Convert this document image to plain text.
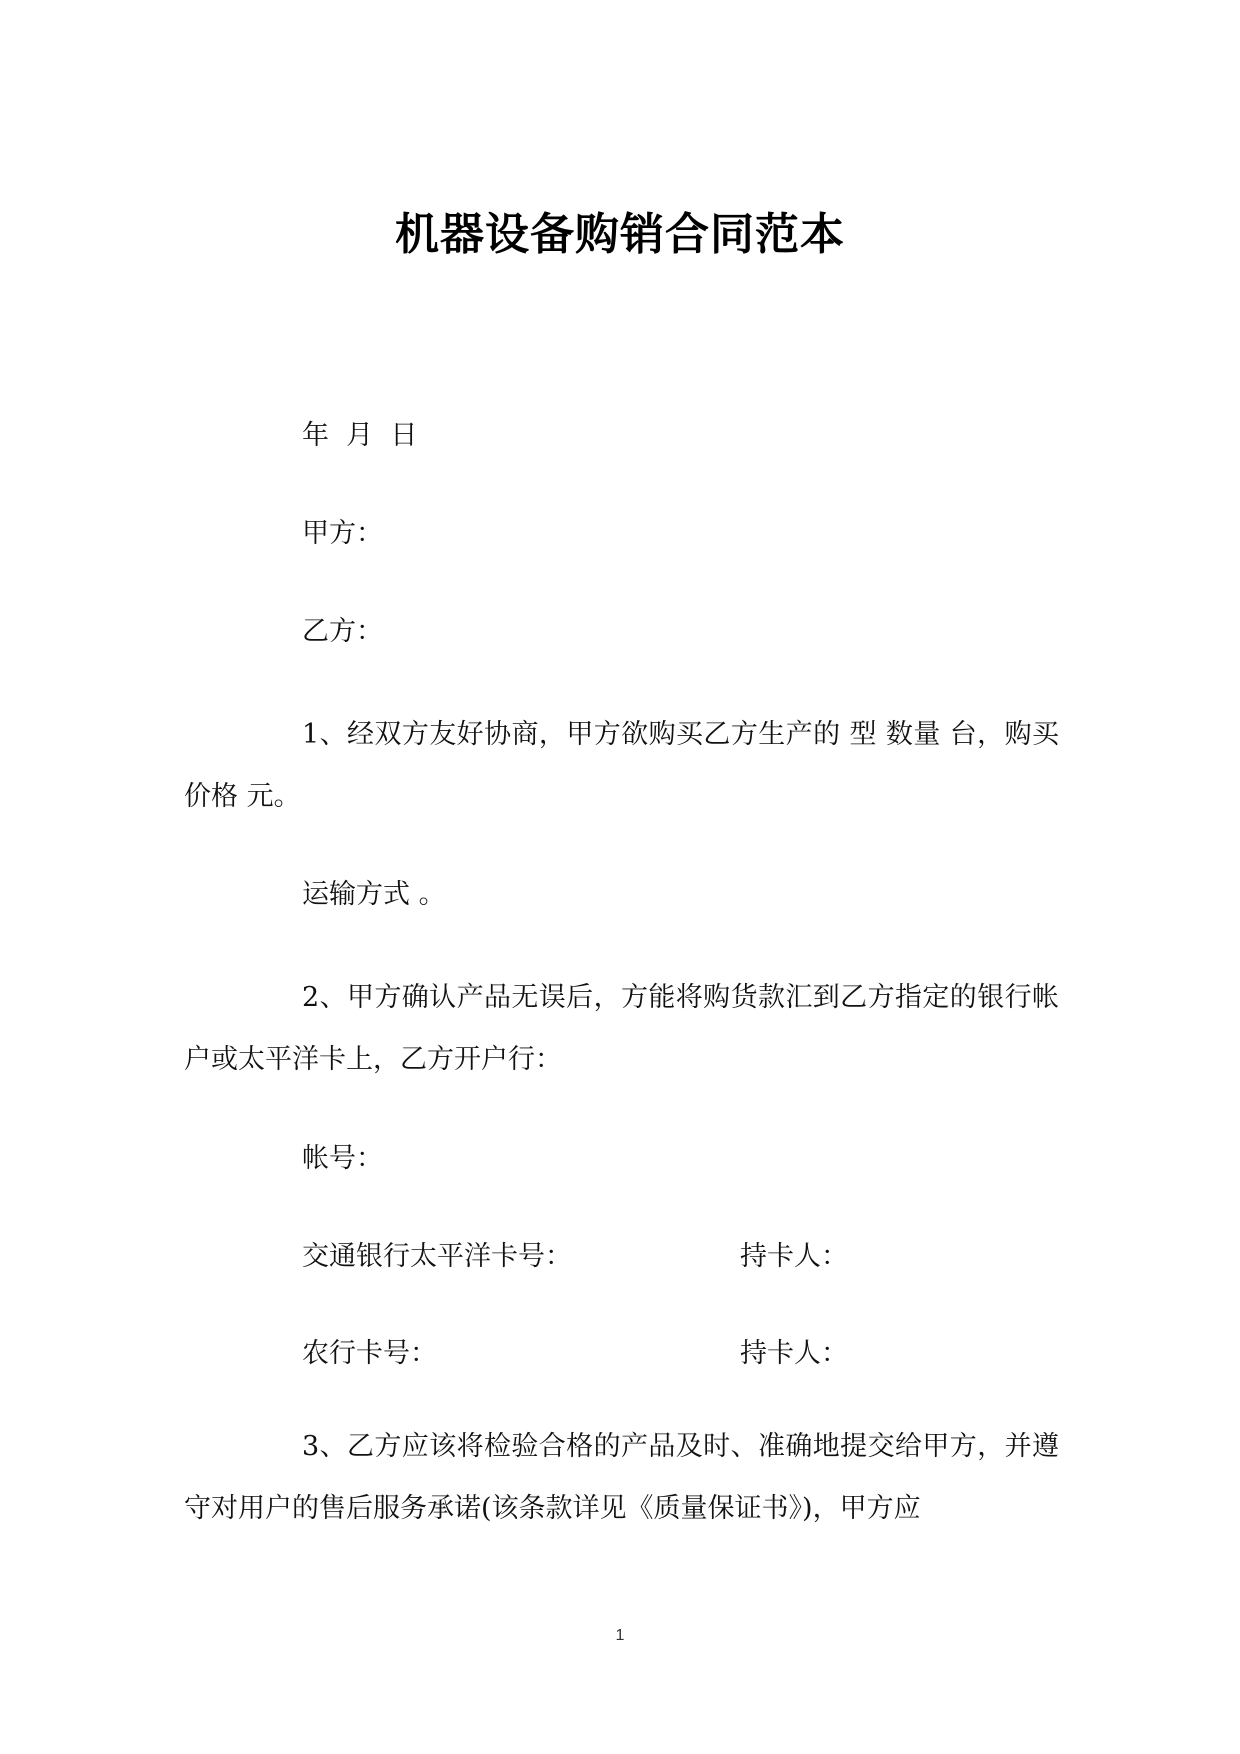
机器设备购销合同范本
年  月  日
甲方：
乙方：
1、经双方友好协商，甲方欲购买乙方生产的 型 数量 台，购买价格 元。
运输方式 。
2、甲方确认产品无误后，方能将购货款汇到乙方指定的银行帐户或太平洋卡上，乙方开户行：
帐号：
交通银行太平洋卡号：	持卡人：
农行卡号：	持卡人：
3、乙方应该将检验合格的产品及时、准确地提交给甲方，并遵守对用户的售后服务承诺(该条款详见《质量保证书》)，甲方应
1
